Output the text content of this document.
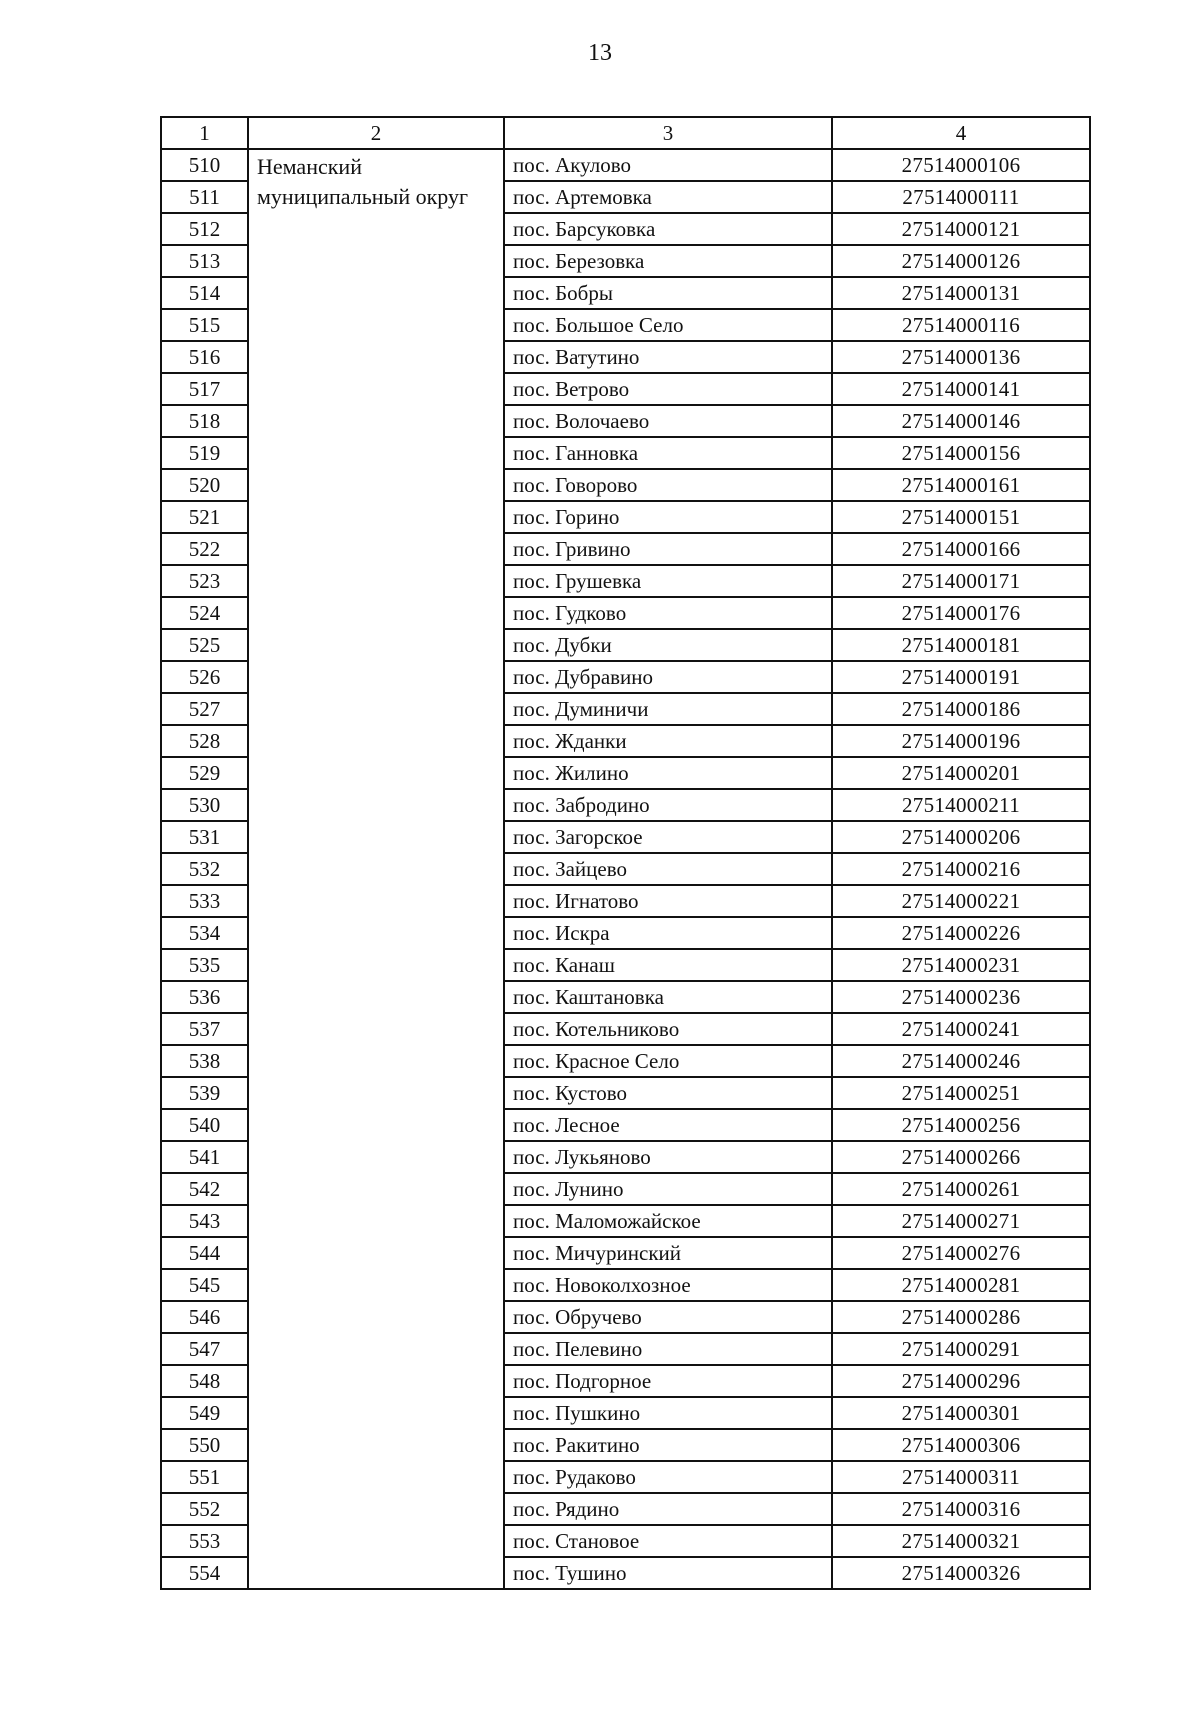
13
1	2	3	4
510	Неманский муниципальный округ	пос. Акулово	27514000106
511		пос. Артемовка	27514000111
512		пос. Барсуковка	27514000121
513		пос. Березовка	27514000126
514		пос. Бобры	27514000131
515		пос. Большое Село	27514000116
516		пос. Ватутино	27514000136
517		пос. Ветрово	27514000141
518		пос. Волочаево	27514000146
519		пос. Ганновка	27514000156
520		пос. Говорово	27514000161
521		пос. Горино	27514000151
522		пос. Гривино	27514000166
523		пос. Грушевка	27514000171
524		пос. Гудково	27514000176
525		пос. Дубки	27514000181
526		пос. Дубравино	27514000191
527		пос. Думиничи	27514000186
528		пос. Жданки	27514000196
529		пос. Жилино	27514000201
530		пос. Забродино	27514000211
531		пос. Загорское	27514000206
532		пос. Зайцево	27514000216
533		пос. Игнатово	27514000221
534		пос. Искра	27514000226
535		пос. Канаш	27514000231
536		пос. Каштановка	27514000236
537		пос. Котельниково	27514000241
538		пос. Красное Село	27514000246
539		пос. Кустово	27514000251
540		пос. Лесное	27514000256
541		пос. Лукьяново	27514000266
542		пос. Лунино	27514000261
543		пос. Маломожайское	27514000271
544		пос. Мичуринский	27514000276
545		пос. Новоколхозное	27514000281
546		пос. Обручево	27514000286
547		пос. Пелевино	27514000291
548		пос. Подгорное	27514000296
549		пос. Пушкино	27514000301
550		пос. Ракитино	27514000306
551		пос. Рудаково	27514000311
552		пос. Рядино	27514000316
553		пос. Становое	27514000321
554		пос. Тушино	27514000326
